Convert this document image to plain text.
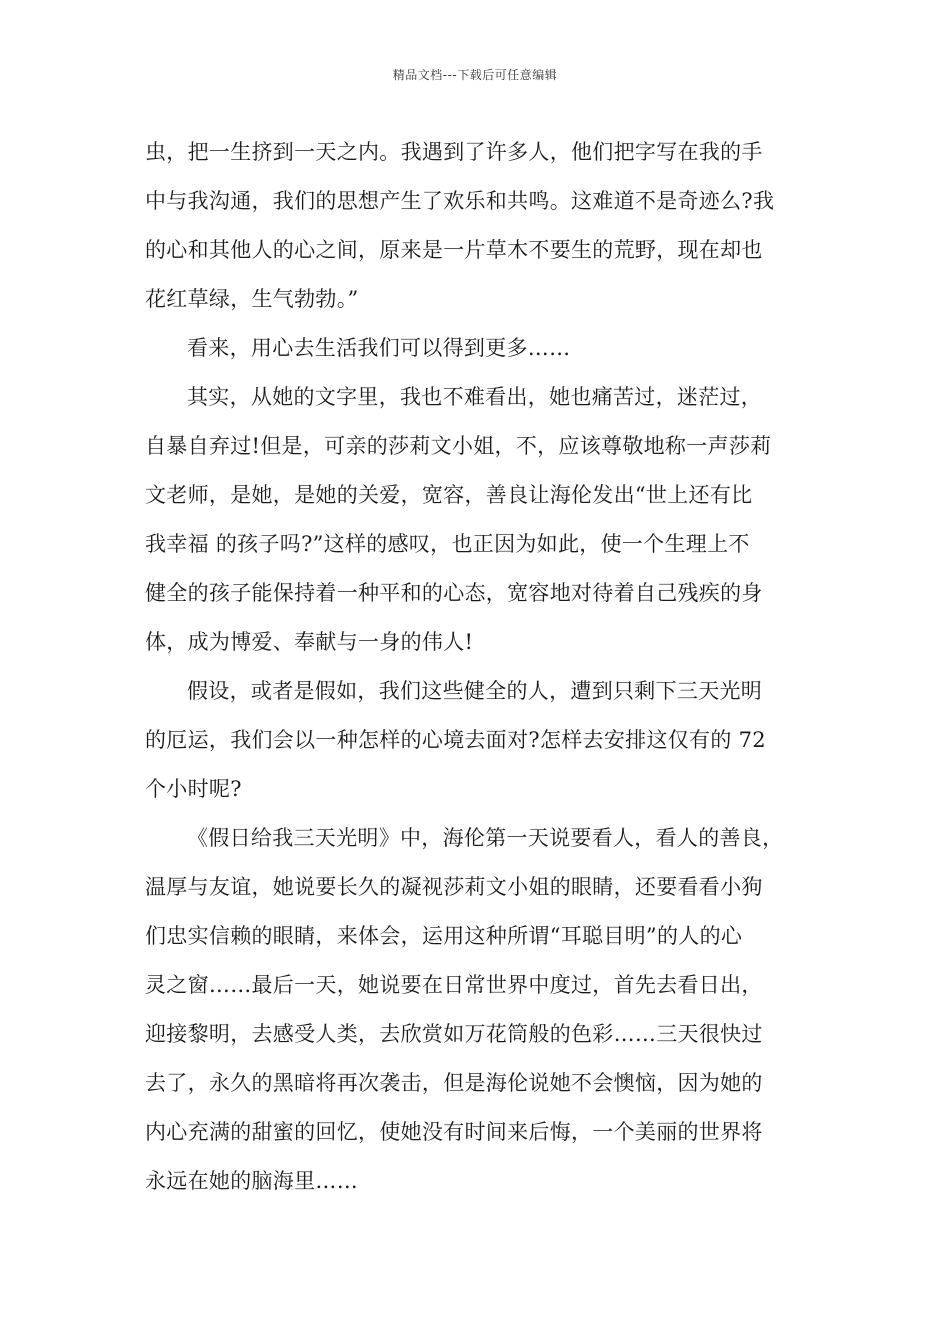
精品文档---下载后可任意编辑
虫，把一生挤到一天之内。我遇到了许多人，他们把字写在我的手
中与我沟通，我们的思想产生了欢乐和共鸣。这难道不是奇迹么?我
的心和其他人的心之间，原来是一片草木不要生的荒野，现在却也
花红草绿，生气勃勃。”
看来，用心去生活我们可以得到更多……
其实，从她的文字里，我也不难看出，她也痛苦过，迷茫过，
自暴自弃过!但是，可亲的莎莉文小姐，不，应该尊敬地称一声莎莉
文老师，是她，是她的关爱，宽容，善良让海伦发出“世上还有比
我幸福 的孩子吗?”这样的感叹，也正因为如此，使一个生理上不
健全的孩子能保持着一种平和的心态，宽容地对待着自己残疾的身
体，成为博爱、奉献与一身的伟人!
假设，或者是假如，我们这些健全的人，遭到只剩下三天光明
的厄运，我们会以一种怎样的心境去面对?怎样去安排这仅有的 72
个小时呢?
《假日给我三天光明》中，海伦第一天说要看人，看人的善良，
温厚与友谊，她说要长久的凝视莎莉文小姐的眼睛，还要看看小狗
们忠实信赖的眼睛，来体会，运用这种所谓“耳聪目明”的人的心
灵之窗……最后一天，她说要在日常世界中度过，首先去看日出，
迎接黎明，去感受人类，去欣赏如万花筒般的色彩……三天很快过
去了，永久的黑暗将再次袭击，但是海伦说她不会懊恼，因为她的
内心充满的甜蜜的回忆，使她没有时间来后悔，一个美丽的世界将
永远在她的脑海里……
